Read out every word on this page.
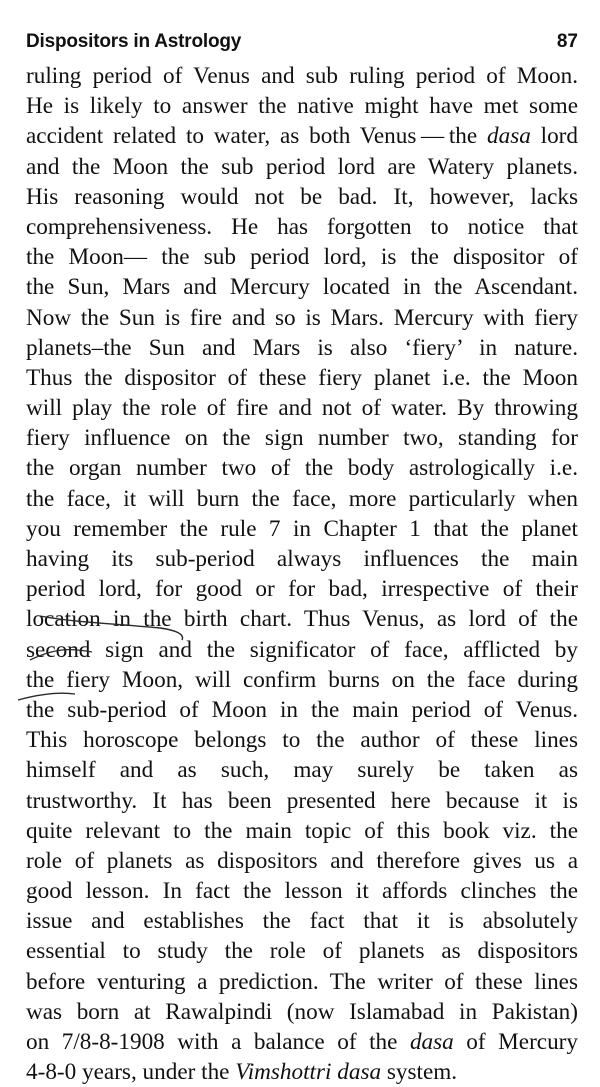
Dispositors in Astrology	87
ruling period of Venus and sub ruling period of Moon.
He is likely to answer the native might have met some
accident related to water, as both Venus — the dasa lord
and the Moon the sub period lord are Watery planets.
His reasoning would not be bad. It, however, lacks
comprehensiveness. He has forgotten to notice that
the Moon— the sub period lord, is the dispositor of
the Sun, Mars and Mercury located in the Ascendant.
Now the Sun is fire and so is Mars. Mercury with fiery
planets–the Sun and Mars is also ‘fiery’ in nature.
Thus the dispositor of these fiery planet i.e. the Moon
will play the role of fire and not of water. By throwing
fiery influence on the sign number two, standing for
the organ number two of the body astrologically i.e.
the face, it will burn the face, more particularly when
you remember the rule 7 in Chapter 1 that the planet
having its sub-period always influences the main
period lord, for good or for bad, irrespective of their
location in the birth chart. Thus Venus, as lord of the
second sign and the significator of face, afflicted by
the fiery Moon, will confirm burns on the face during
the sub-period of Moon in the main period of Venus.
This horoscope belongs to the author of these lines
himself and as such, may surely be taken as
trustworthy. It has been presented here because it is
quite relevant to the main topic of this book viz. the
role of planets as dispositors and therefore gives us a
good lesson. In fact the lesson it affords clinches the
issue and establishes the fact that it is absolutely
essential to study the role of planets as dispositors
before venturing a prediction. The writer of these lines
was born at Rawalpindi (now Islamabad in Pakistan)
on 7/8-8-1908 with a balance of the dasa of Mercury
4-8-0 years, under the Vimshottri dasa system.
